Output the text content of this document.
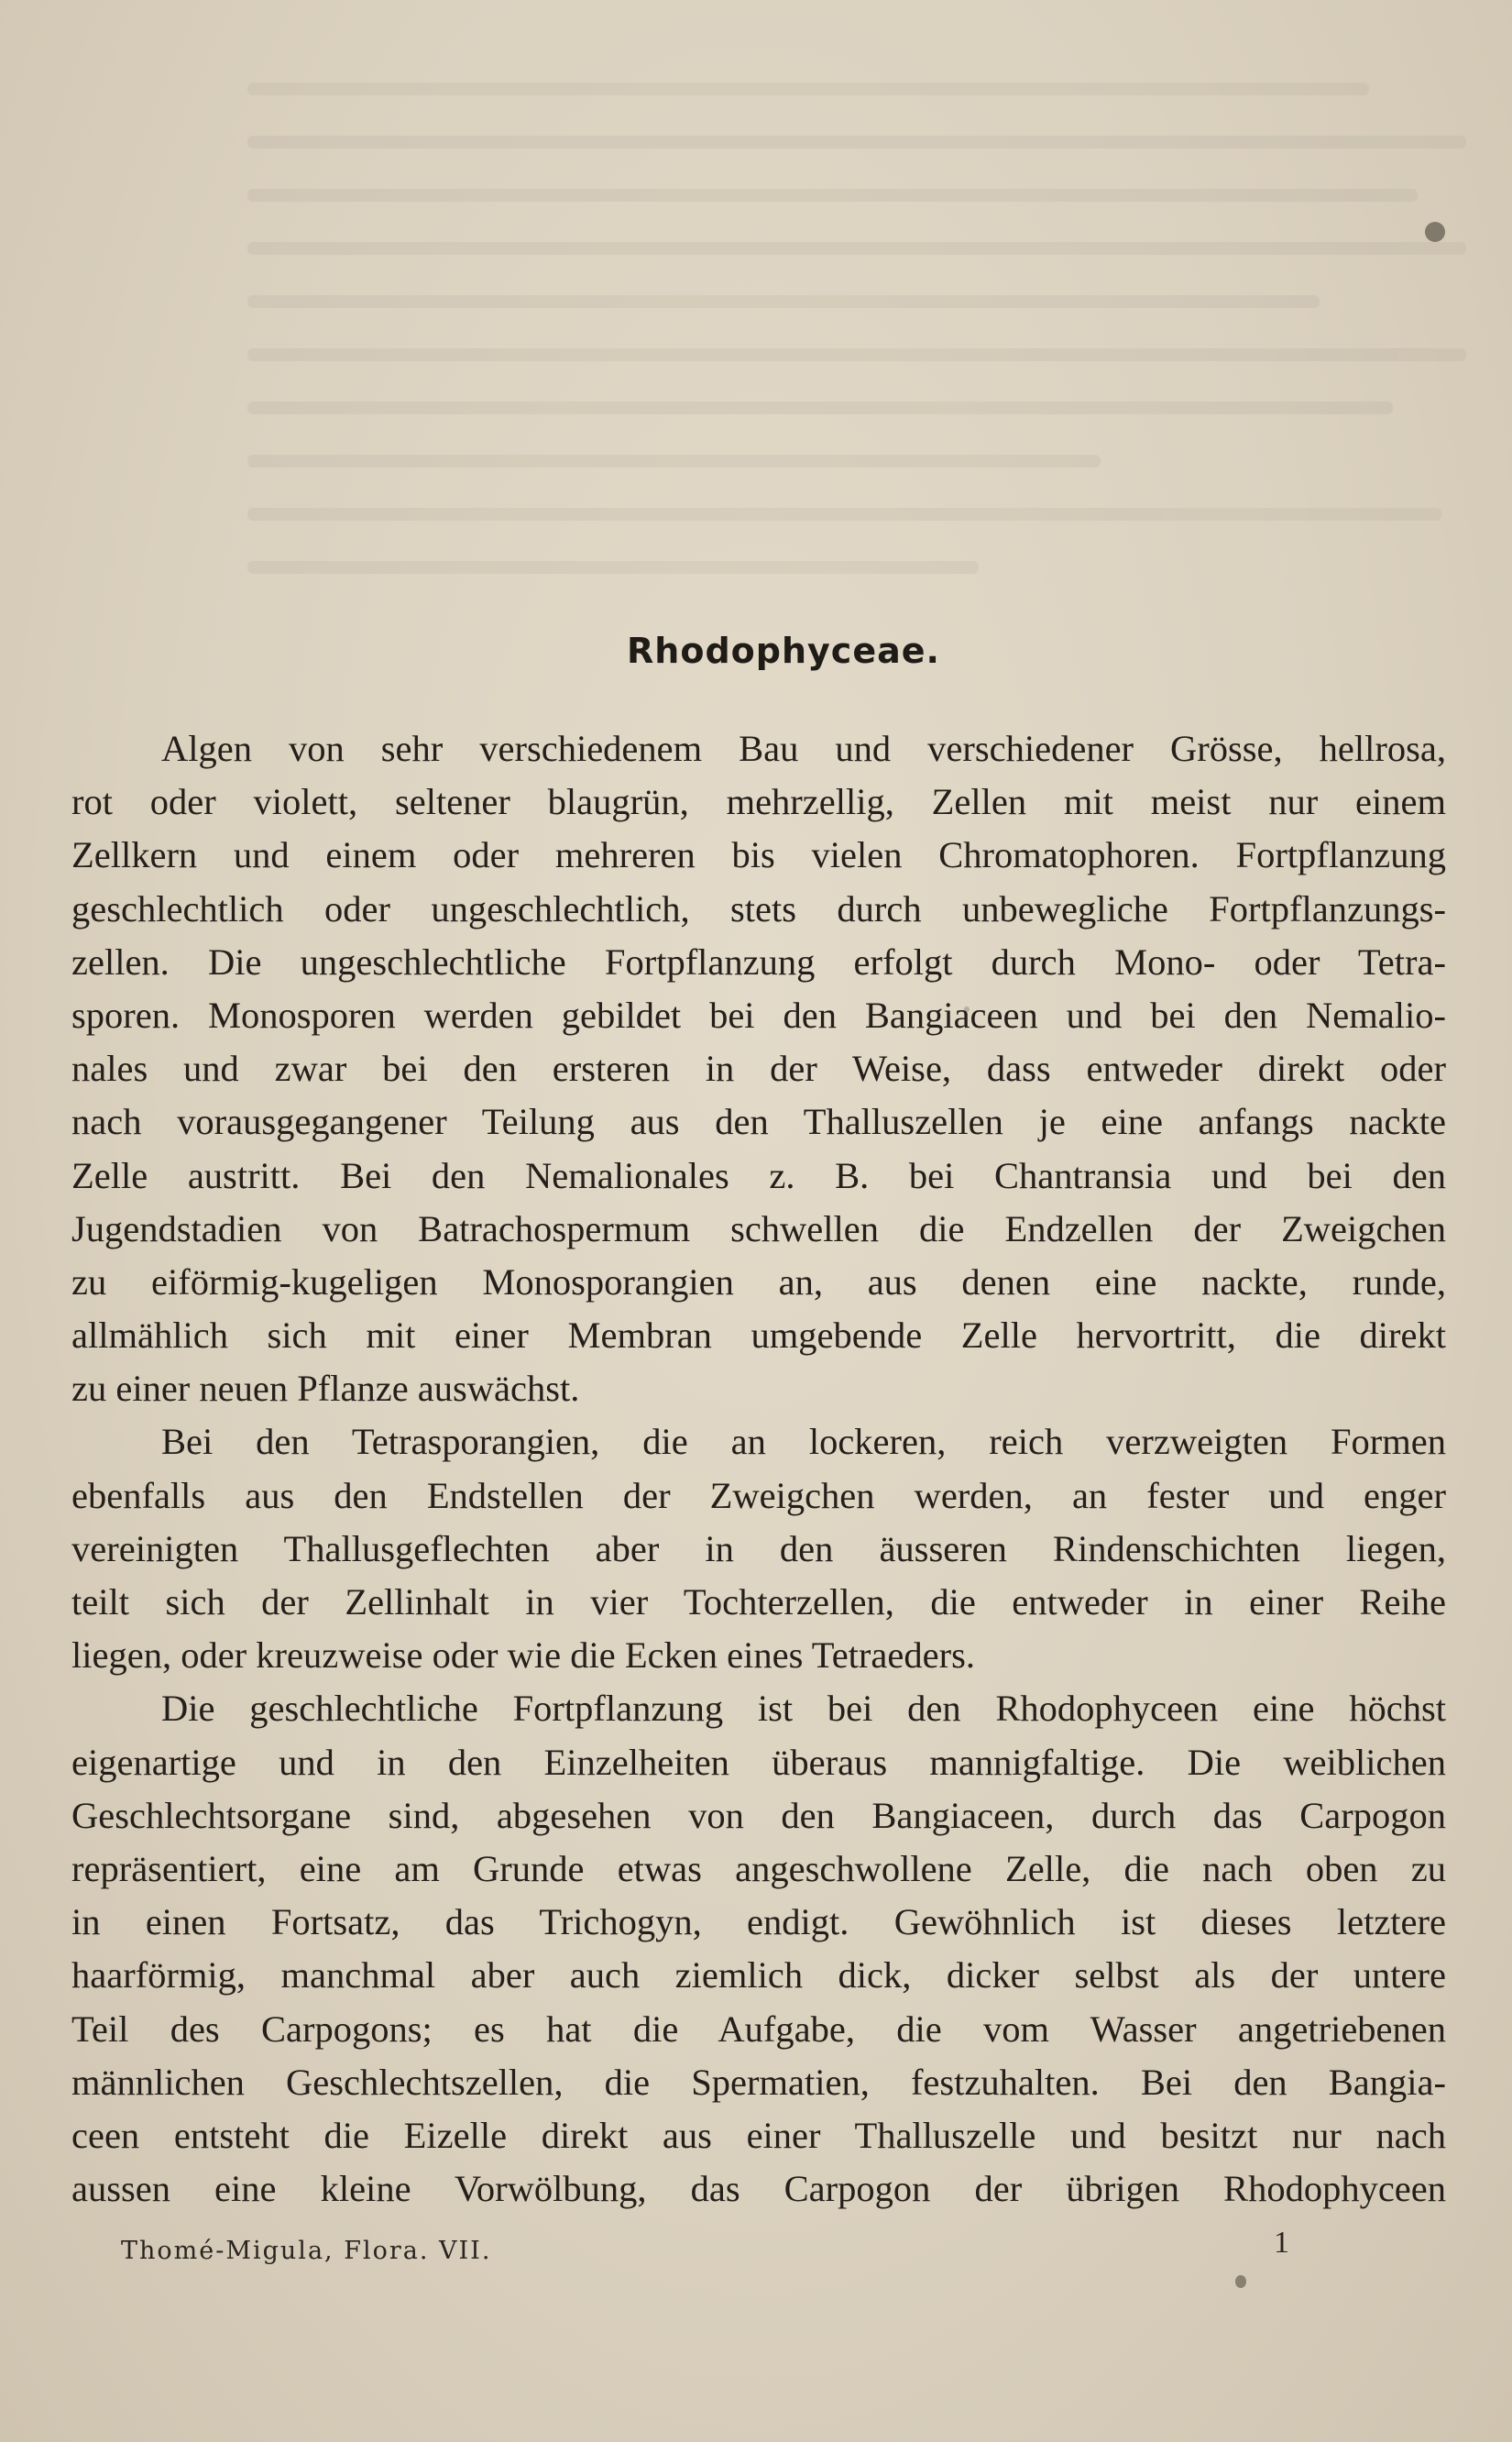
Rhodophyceae.
Algen von sehr verschiedenem Bau und verschiedener Grösse, hellrosa,
rot oder violett, seltener blaugrün, mehrzellig, Zellen mit meist nur einem
Zellkern und einem oder mehreren bis vielen Chromatophoren. Fortpflanzung
geschlechtlich oder ungeschlechtlich, stets durch unbewegliche Fortpflanzungs-
zellen. Die ungeschlechtliche Fortpflanzung erfolgt durch Mono- oder Tetra-
sporen. Monosporen werden gebildet bei den Bangiaceen und bei den Nemalio-
nales und zwar bei den ersteren in der Weise, dass entweder direkt oder
nach vorausgegangener Teilung aus den Thalluszellen je eine anfangs nackte
Zelle austritt. Bei den Nemalionales z. B. bei Chantransia und bei den
Jugendstadien von Batrachospermum schwellen die Endzellen der Zweigchen
zu eiförmig-kugeligen Monosporangien an, aus denen eine nackte, runde,
allmählich sich mit einer Membran umgebende Zelle hervortritt, die direkt
zu einer neuen Pflanze auswächst.
Bei den Tetrasporangien, die an lockeren, reich verzweigten Formen
ebenfalls aus den Endstellen der Zweigchen werden, an fester und enger
vereinigten Thallusgeflechten aber in den äusseren Rindenschichten liegen,
teilt sich der Zellinhalt in vier Tochterzellen, die entweder in einer Reihe
liegen, oder kreuzweise oder wie die Ecken eines Tetraeders.
Die geschlechtliche Fortpflanzung ist bei den Rhodophyceen eine höchst
eigenartige und in den Einzelheiten überaus mannigfaltige. Die weiblichen
Geschlechtsorgane sind, abgesehen von den Bangiaceen, durch das Carpogon
repräsentiert, eine am Grunde etwas angeschwollene Zelle, die nach oben zu
in einen Fortsatz, das Trichogyn, endigt. Gewöhnlich ist dieses letztere
haarförmig, manchmal aber auch ziemlich dick, dicker selbst als der untere
Teil des Carpogons; es hat die Aufgabe, die vom Wasser angetriebenen
männlichen Geschlechtszellen, die Spermatien, festzuhalten. Bei den Bangia-
ceen entsteht die Eizelle direkt aus einer Thalluszelle und besitzt nur nach
aussen eine kleine Vorwölbung, das Carpogon der übrigen Rhodophyceen
Thomé-Migula, Flora. VII.	1
